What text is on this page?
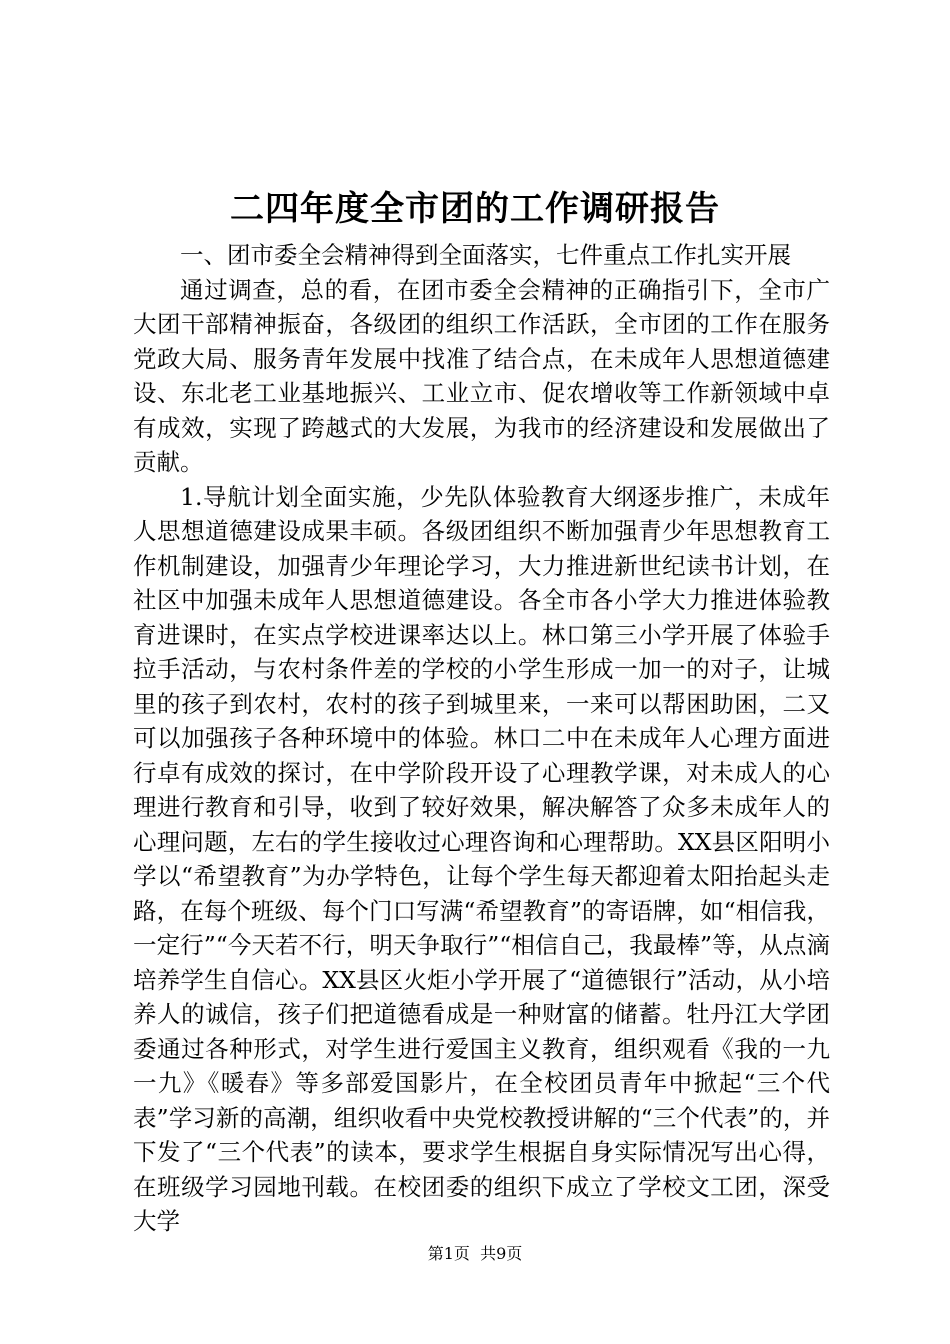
二四年度全市团的工作调研报告

一、团市委全会精神得到全面落实，七件重点工作扎实开展

通过调查，总的看，在团市委全会精神的正确指引下，全市广大团干部精神振奋，各级团的组织工作活跃，全市团的工作在服务党政大局、服务青年发展中找准了结合点，在未成年人思想道德建设、东北老工业基地振兴、工业立市、促农增收等工作新领域中卓有成效，实现了跨越式的大发展，为我市的经济建设和发展做出了贡献。

1.导航计划全面实施，少先队体验教育大纲逐步推广，未成年人思想道德建设成果丰硕。各级团组织不断加强青少年思想教育工作机制建设，加强青少年理论学习，大力推进新世纪读书计划，在社区中加强未成年人思想道德建设。各全市各小学大力推进体验教育进课时，在实点学校进课率达以上。林口第三小学开展了体验手拉手活动，与农村条件差的学校的小学生形成一加一的对子，让城里的孩子到农村，农村的孩子到城里来，一来可以帮困助困，二又可以加强孩子各种环境中的体验。林口二中在未成年人心理方面进行卓有成效的探讨，在中学阶段开设了心理教学课，对未成人的心理进行教育和引导，收到了较好效果，解决解答了众多未成年人的心理问题，左右的学生接收过心理咨询和心理帮助。XX县区阳明小学以“希望教育”为办学特色，让每个学生每天都迎着太阳抬起头走路，在每个班级、每个门口写满“希望教育”的寄语牌，如“相信我，一定行”“今天若不行，明天争取行”“相信自己，我最棒”等，从点滴培养学生自信心。XX县区火炬小学开展了“道德银行”活动，从小培养人的诚信，孩子们把道德看成是一种财富的储蓄。牡丹江大学团委通过各种形式，对学生进行爱国主义教育，组织观看《我的一九一九》《暖春》等多部爱国影片，在全校团员青年中掀起“三个代表”学习新的高潮，组织收看中央党校教授讲解的“三个代表”的，并下发了“三个代表”的读本，要求学生根据自身实际情况写出心得，在班级学习园地刊载。在校团委的组织下成立了学校文工团，深受大学

第1页 共9页
